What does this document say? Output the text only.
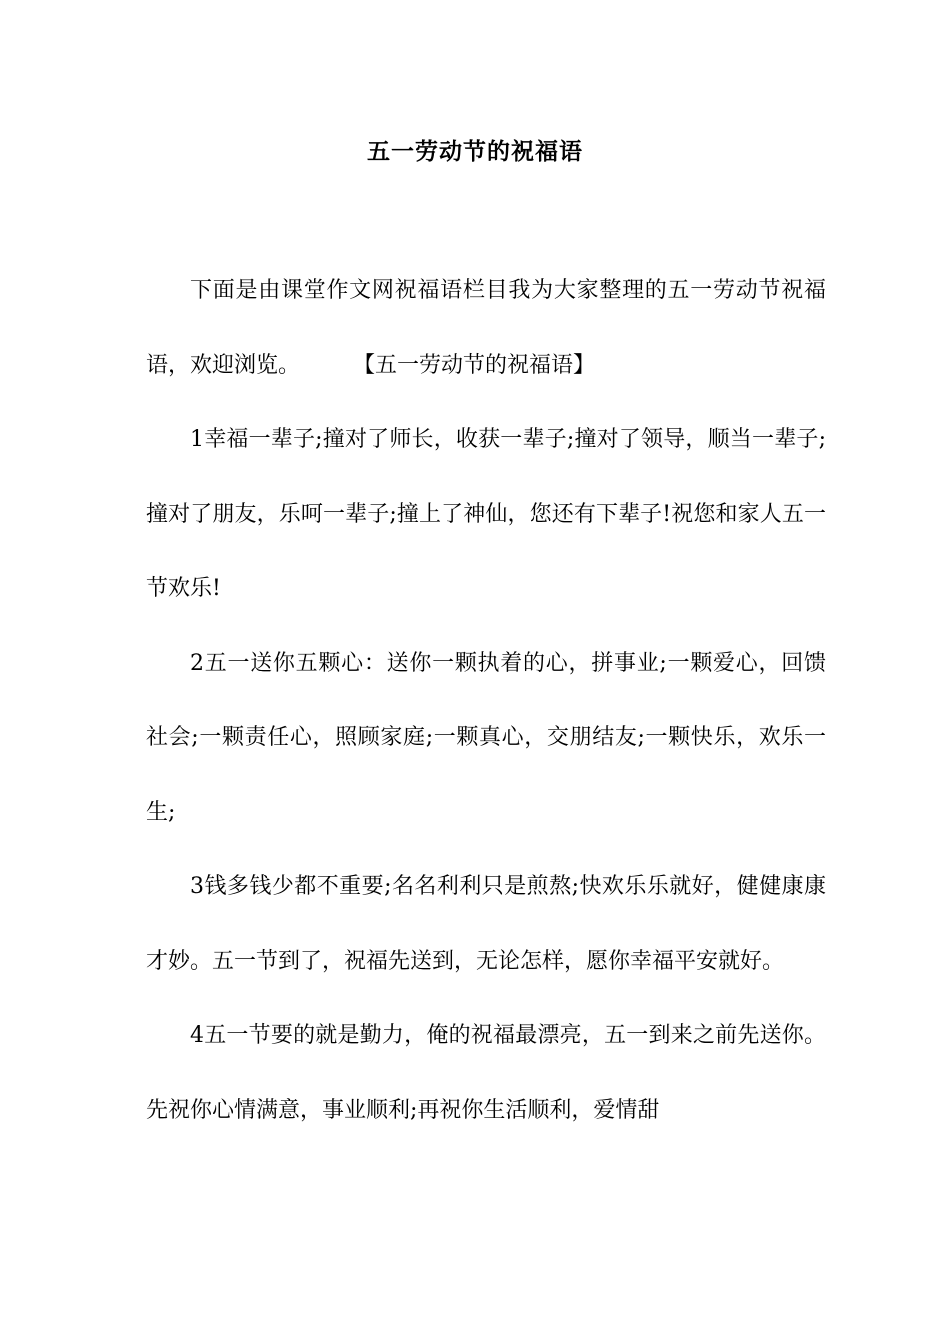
五一劳动节的祝福语

下面是由课堂作文网祝福语栏目我为大家整理的五一劳动节祝福语，欢迎浏览。	【五一劳动节的祝福语】

1幸福一辈子;撞对了师长，收获一辈子;撞对了领导，顺当一辈子;撞对了朋友，乐呵一辈子;撞上了神仙，您还有下辈子!祝您和家人五一节欢乐!

2五一送你五颗心：送你一颗执着的心，拼事业;一颗爱心，回馈社会;一颗责任心，照顾家庭;一颗真心，交朋结友;一颗快乐，欢乐一生;

3钱多钱少都不重要;名名利利只是煎熬;快欢乐乐就好，健健康康才妙。五一节到了，祝福先送到，无论怎样，愿你幸福平安就好。

4五一节要的就是勤力，俺的祝福最漂亮，五一到来之前先送你。先祝你心情满意，事业顺利;再祝你生活顺利，爱情甜
